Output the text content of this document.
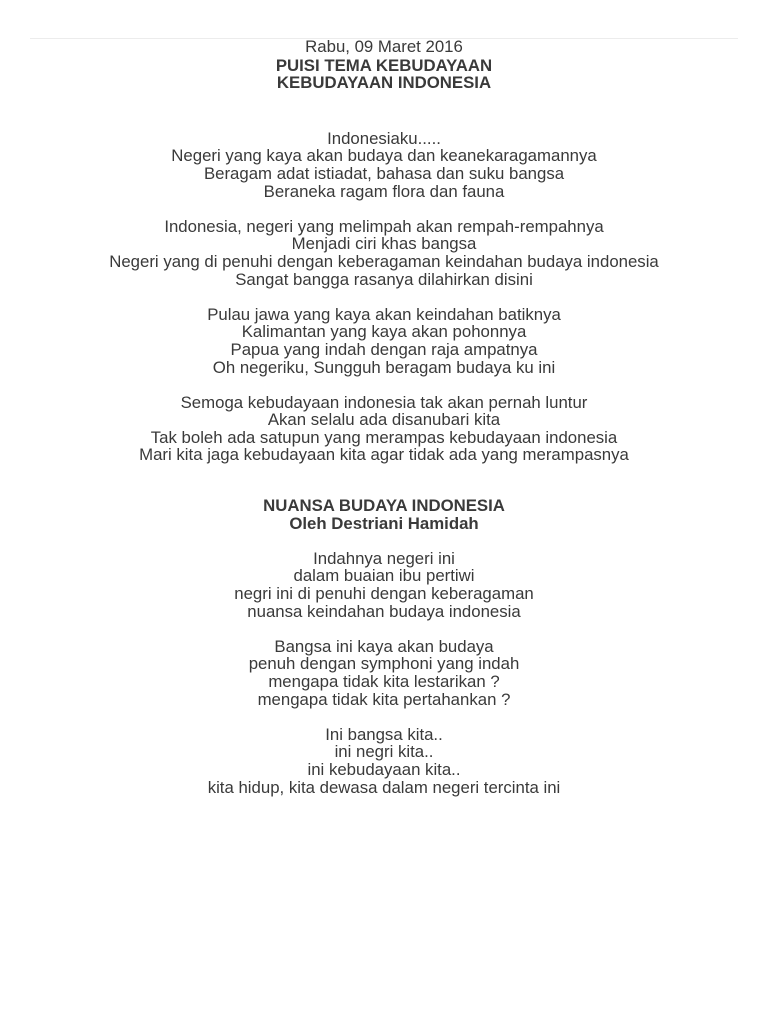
Rabu, 09 Maret 2016
PUISI TEMA KEBUDAYAAN
KEBUDAYAAN INDONESIA
Indonesiaku.....
Negeri yang kaya akan budaya dan keanekaragamannya
Beragam adat istiadat, bahasa dan suku bangsa
Beraneka ragam flora dan fauna
Indonesia, negeri yang melimpah akan rempah-rempahnya
Menjadi ciri khas bangsa
Negeri yang di penuhi dengan keberagaman keindahan budaya indonesia
Sangat bangga rasanya dilahirkan disini
Pulau jawa yang kaya akan keindahan batiknya
Kalimantan yang kaya akan pohonnya
Papua yang indah dengan raja ampatnya
Oh negeriku, Sungguh beragam budaya ku ini
Semoga kebudayaan indonesia tak akan pernah luntur
Akan selalu ada disanubari kita
Tak boleh ada satupun yang merampas kebudayaan indonesia
Mari kita jaga kebudayaan kita agar tidak ada yang merampasnya
NUANSA BUDAYA INDONESIA
Oleh Destriani Hamidah
Indahnya negeri ini
dalam buaian ibu pertiwi
negri ini di penuhi dengan keberagaman
nuansa keindahan budaya indonesia
Bangsa ini kaya akan budaya
penuh dengan symphoni yang indah
mengapa tidak kita lestarikan ?
mengapa tidak kita pertahankan ?
Ini bangsa kita..
ini negri kita..
ini kebudayaan kita..
kita hidup, kita dewasa dalam negeri tercinta ini
